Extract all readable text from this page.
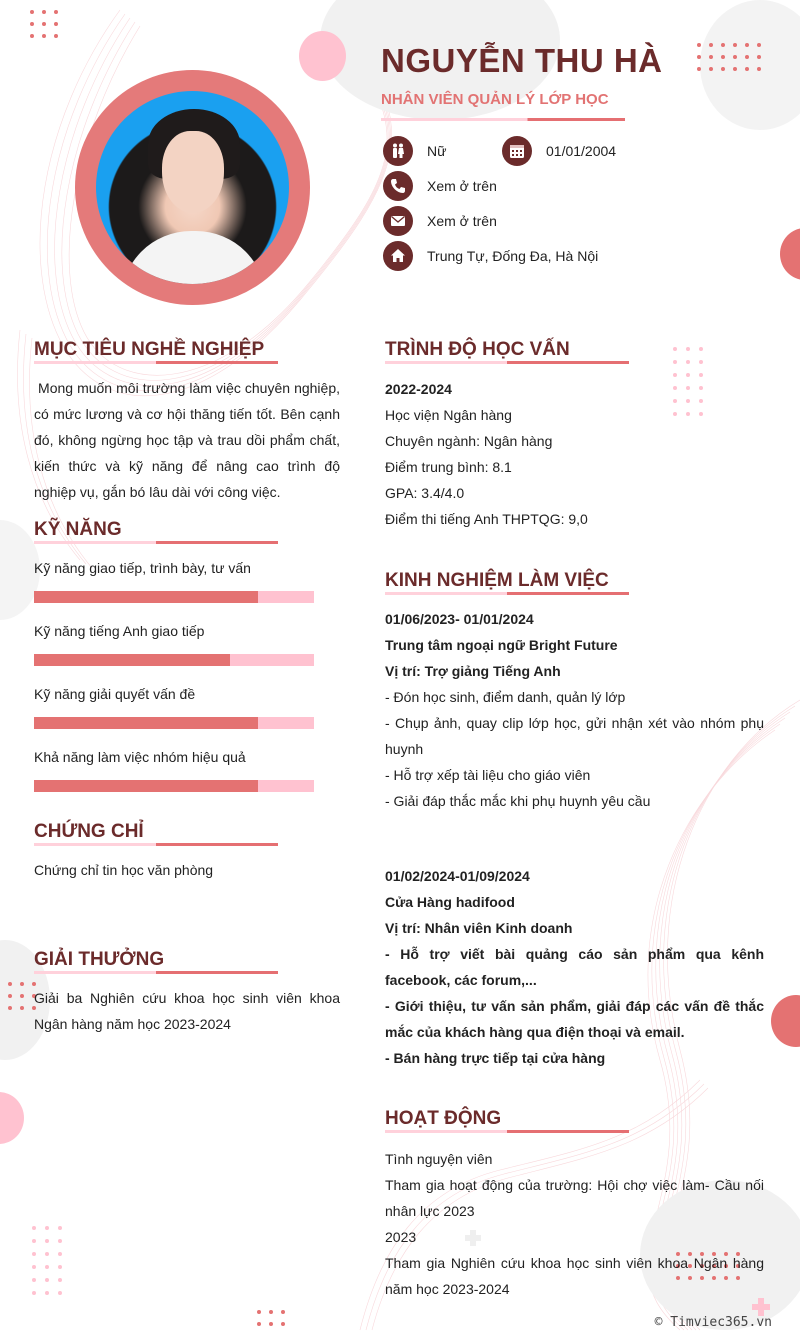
NGUYỄN THU HÀ
NHÂN VIÊN QUẢN LÝ LỚP HỌC
Nữ	01/01/2004
Xem ở trên
Xem ở trên
Trung Tự, Đống Đa, Hà Nội
MỤC TIÊU NGHỀ NGHIỆP
Mong muốn môi trường làm việc chuyên nghiệp, có mức lương và cơ hội thăng tiến tốt. Bên cạnh đó, không ngừng học tập và trau dồi phẩm chất, kiến thức và kỹ năng để nâng cao trình độ nghiệp vụ, gắn bó lâu dài với công việc.
KỸ NĂNG
Kỹ năng giao tiếp, trình bày, tư vấn
Kỹ năng tiếng Anh giao tiếp
Kỹ năng giải quyết vấn đề
Khả năng làm việc nhóm hiệu quả
CHỨNG CHỈ
Chứng chỉ tin học văn phòng
GIẢI THƯỞNG
Giải ba Nghiên cứu khoa học sinh viên khoa Ngân hàng năm học 2023-2024
TRÌNH ĐỘ HỌC VẤN
2022-2024
Học viện Ngân hàng
Chuyên ngành: Ngân hàng
Điểm trung bình: 8.1
GPA: 3.4/4.0
Điểm thi tiếng Anh THPTQG: 9,0
KINH NGHIỆM LÀM VIỆC
01/06/2023- 01/01/2024
Trung tâm ngoại ngữ Bright Future
Vị trí: Trợ giảng Tiếng Anh
- Đón học sinh, điểm danh, quản lý lớp
- Chụp ảnh, quay clip lớp học, gửi nhận xét vào nhóm phụ huynh
- Hỗ trợ xếp tài liệu cho giáo viên
- Giải đáp thắc mắc khi phụ huynh yêu cầu
01/02/2024-01/09/2024
Cửa Hàng hadifood
Vị trí: Nhân viên Kinh doanh
- Hỗ trợ viết bài quảng cáo sản phẩm qua kênh facebook, các forum,...
- Giới thiệu, tư vấn sản phẩm, giải đáp các vấn đề thắc mắc của khách hàng qua điện thoại và email.
- Bán hàng trực tiếp tại cửa hàng
HOẠT ĐỘNG
Tình nguyện viên
Tham gia hoạt động của trường: Hội chợ việc làm- Cầu nối nhân lực 2023
2023
Tham gia Nghiên cứu khoa học sinh viên khoa Ngân hàng năm học 2023-2024
© Timviec365.vn
